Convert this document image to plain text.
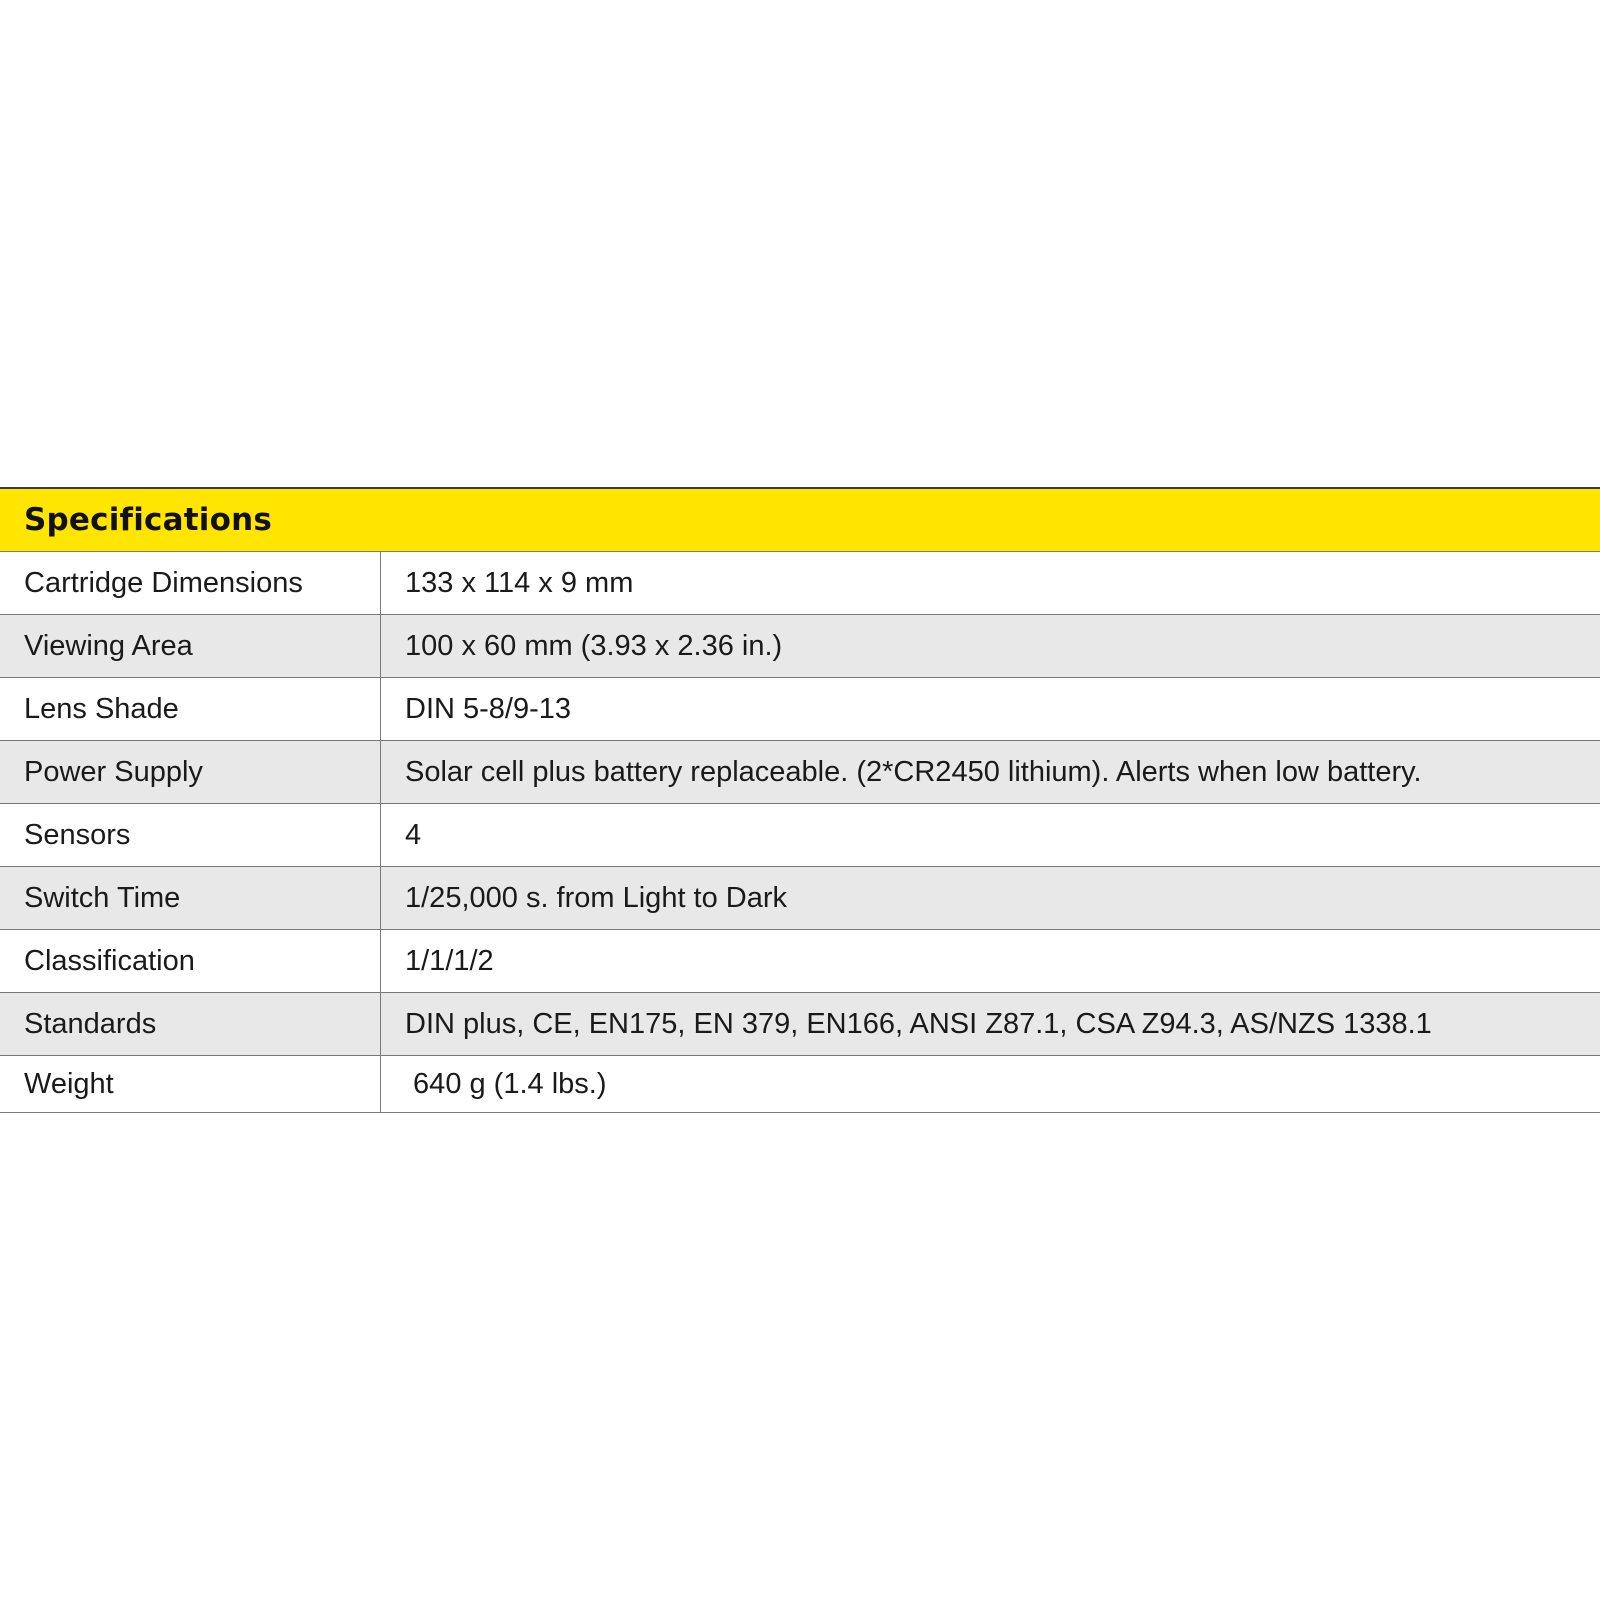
Specifications	
Cartridge Dimensions	133 x 114 x 9 mm
Viewing Area	100 x 60 mm (3.93 x 2.36 in.)
Lens Shade	DIN 5-8/9-13
Power Supply	Solar cell plus battery replaceable. (2*CR2450 lithium). Alerts when low battery.
Sensors	4
Switch Time	1/25,000 s. from Light to Dark
Classification	1/1/1/2
Standards	DIN plus, CE, EN175, EN 379, EN166, ANSI Z87.1, CSA Z94.3, AS/NZS 1338.1
Weight	640 g (1.4 lbs.)
